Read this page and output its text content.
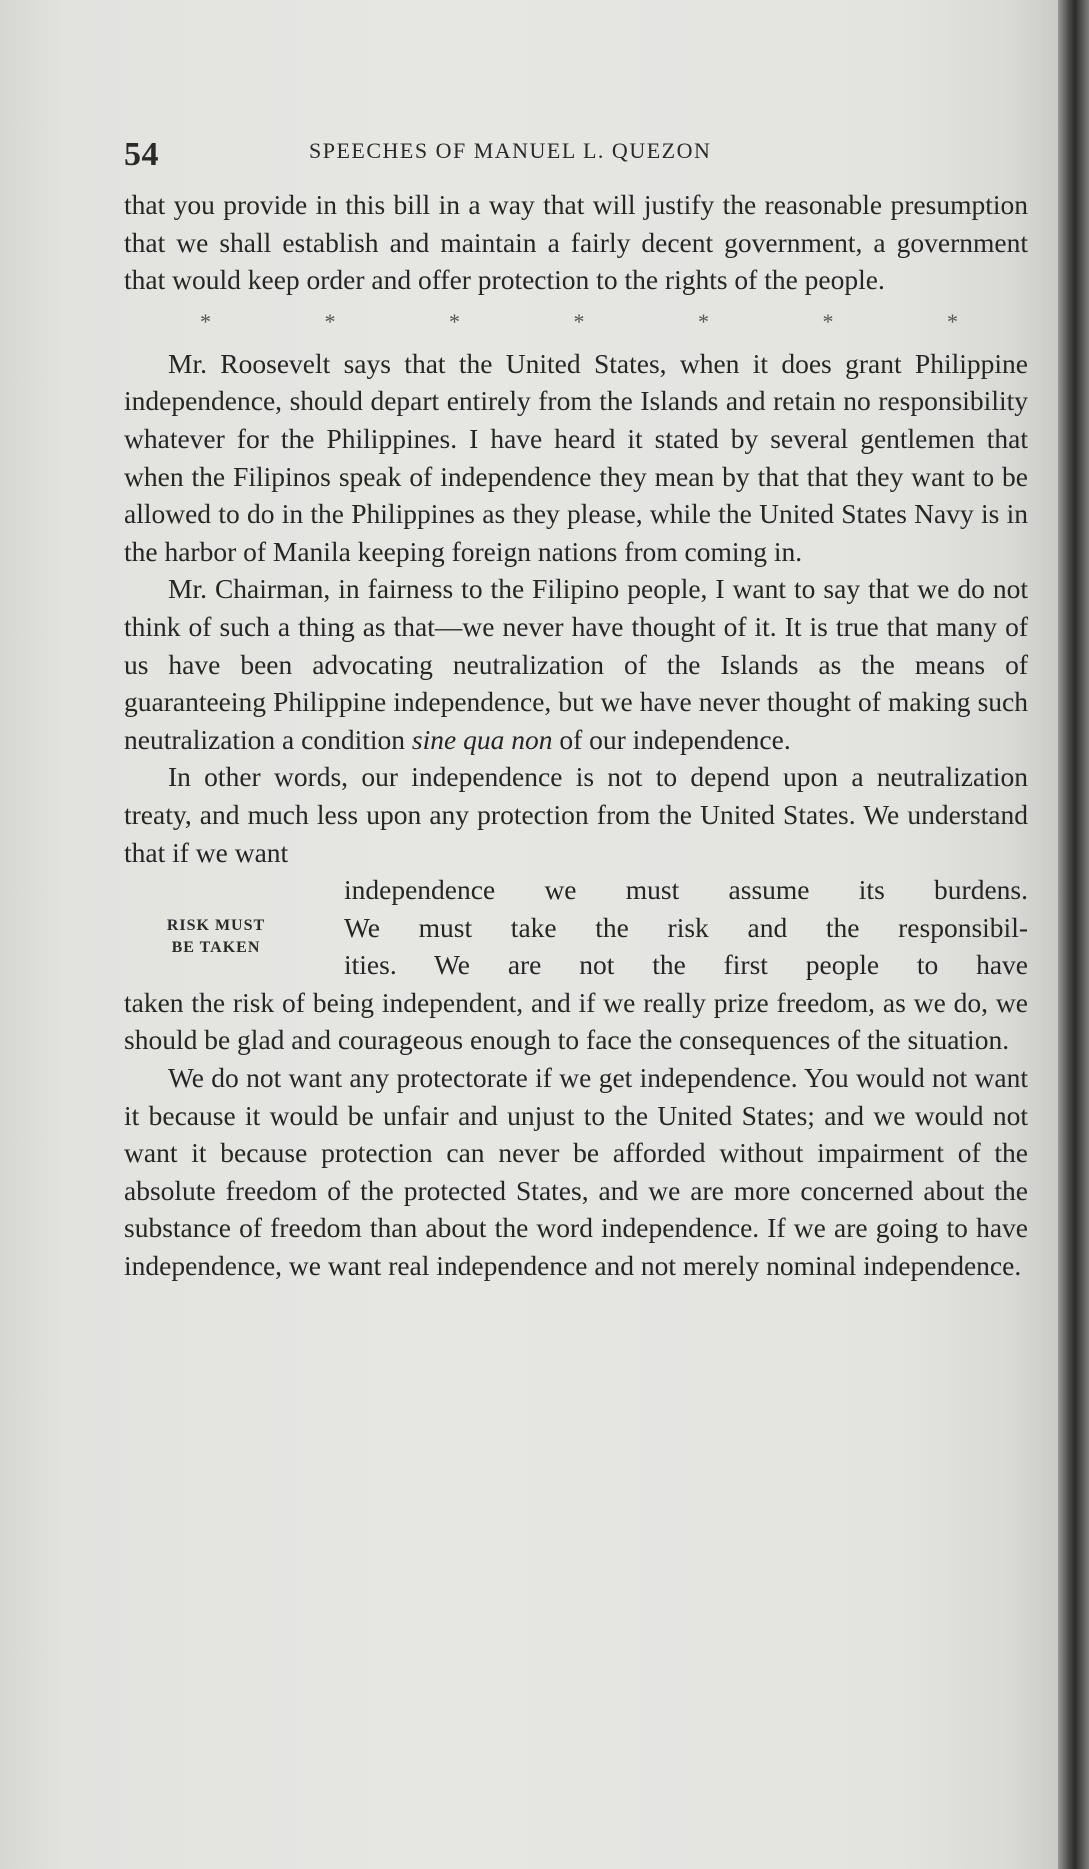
54	SPEECHES OF MANUEL L. QUEZON

that you provide in this bill in a way that will justify the reasonable presumption that we shall establish and maintain a fairly decent government, a government that would keep order and offer protection to the rights of the people.

*	*	*	*	*	*	*

Mr. Roosevelt says that the United States, when it does grant Philippine independence, should depart entirely from the Islands and retain no responsibility whatever for the Philippines. I have heard it stated by several gentlemen that when the Filipinos speak of independence they mean by that that they want to be allowed to do in the Philippines as they please, while the United States Navy is in the harbor of Manila keeping foreign nations from coming in.

Mr. Chairman, in fairness to the Filipino people, I want to say that we do not think of such a thing as that—we never have thought of it. It is true that many of us have been advocating neutralization of the Islands as the means of guaranteeing Philippine independence, but we have never thought of making such neutralization a condition sine qua non of our independence.

In other words, our independence is not to depend upon a neutralization treaty, and much less upon any protection from the United States. We understand that if we want

RISK MUST
BE TAKEN
independence we must assume its burdens.
We must take the risk and the responsibil-
ities. We are not the first people to have

taken the risk of being independent, and if we really prize freedom, as we do, we should be glad and courageous enough to face the consequences of the situation.

We do not want any protectorate if we get independence. You would not want it because it would be unfair and unjust to the United States; and we would not want it because protection can never be afforded without impairment of the absolute freedom of the protected States, and we are more concerned about the substance of freedom than about the word independence. If we are going to have independence, we want real independence and not merely nominal independence.
